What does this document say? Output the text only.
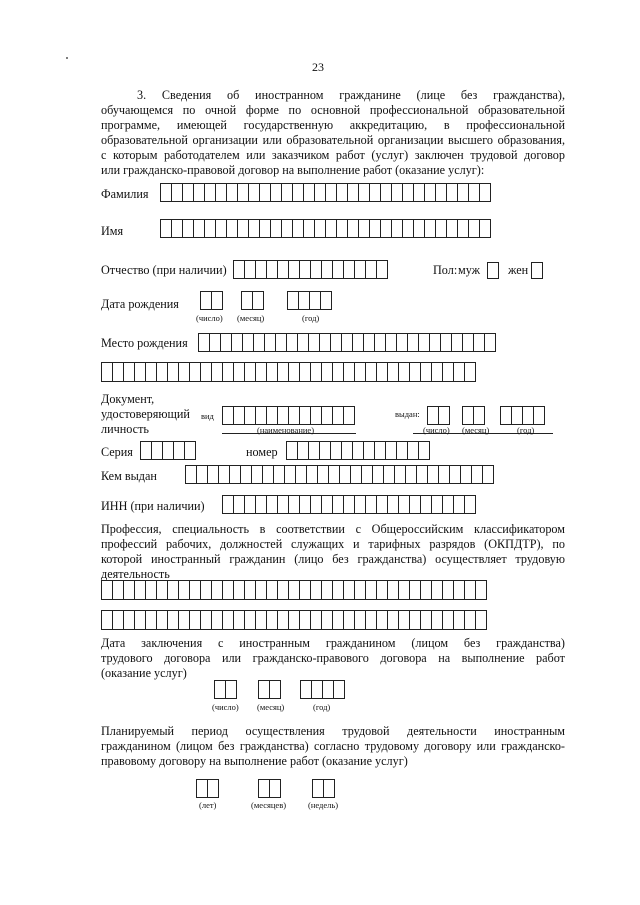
23
3. Сведения об иностранном гражданине (лице без гражданства),
обучающемся по очной форме по основной профессиональной образовательной
программе, имеющей государственную аккредитацию, в профессиональной
образовательной организации или образовательной организации высшего образования,
с которым работодателем или заказчиком работ (услуг) заключен трудовой договор
или гражданско-правовой договор на выполнение работ (оказание услуг):
Фамилия
Имя
Отчество (при наличии)	Пол: муж жен
Дата рождения
(число) (месяц)	(год)
Место рождения
Документ,
удостоверяющий
личность
вид
(наименование)
выдан:
(число) (месяц)	(год)
Серия	номер
Кем выдан
ИНН (при наличии)
Профессия, специальность в соответствии с Общероссийским классификатором
профессий рабочих, должностей служащих и тарифных разрядов (ОКПДТР), по
которой иностранный гражданин (лицо без гражданства) осуществляет трудовую
деятельность
Дата заключения с иностранным гражданином (лицом без гражданства)
трудового договора или гражданско-правового договора на выполнение работ
(оказание услуг)
(число) (месяц)	(год)
Планируемый период осуществления трудовой деятельности иностранным
гражданином (лицом без гражданства) согласно трудовому договору или гражданско-
правовому договору на выполнение работ (оказание услуг)
(лет)	(месяцев)	(недель)
